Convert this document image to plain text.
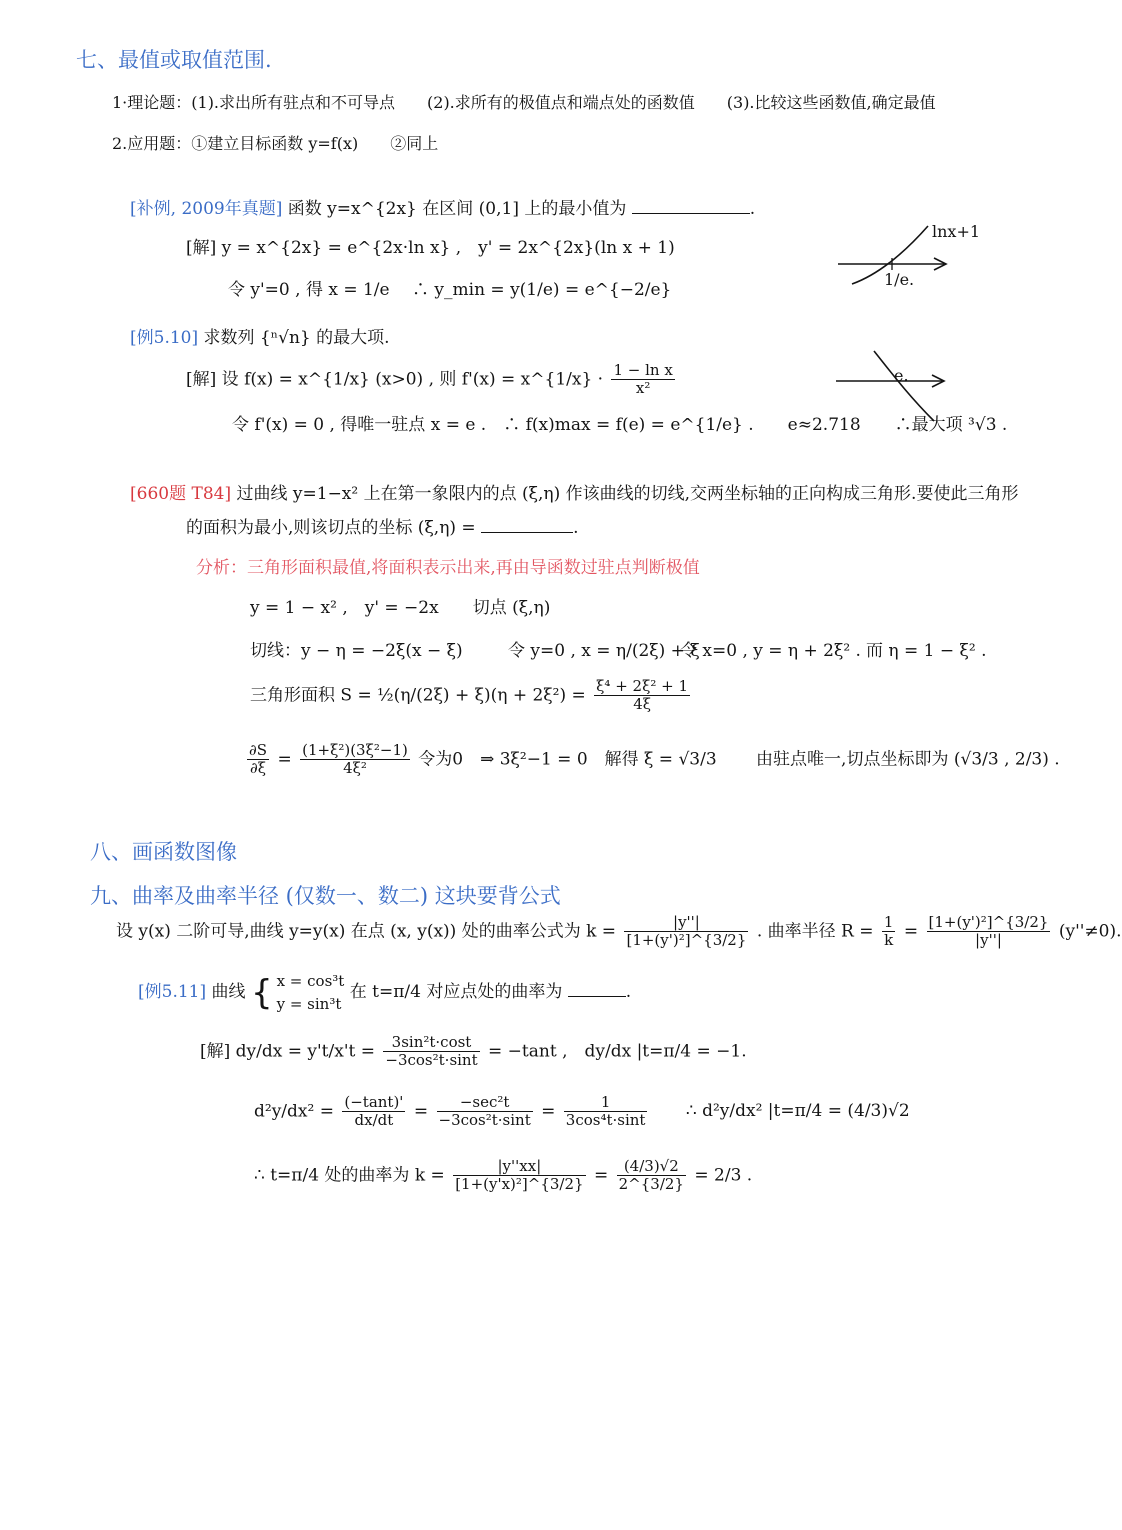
七、最值或取值范围.
1·理论题：(1).求出所有驻点和不可导点　　(2).求所有的极值点和端点处的函数值　　(3).比较这些函数值,确定最值
2.应用题：①建立目标函数 y=f(x)　　②同上
[补例, 2009年真题] 函数 y=x^{2x} 在区间 (0,1] 上的最小值为	.
[解] y = x^{2x} = e^{2x·ln x} ,　y' = 2x^{2x}(ln x + 1)
令 y'=0 , 得 x = 1/e 　∴ y_min = y(1/e) = e^{−2/e}
lnx+1
1/e.
[例5.10] 求数列 {ⁿ√n} 的最大项.
[解] 设 f(x) = x^{1/x} (x>0) , 则 f'(x) = x^{1/x} · $\frac{\text{1 − ln x}}{\text{x²}}$
令 f'(x) = 0 , 得唯一驻点 x = e .　∴ f(x)max = f(e) = e^{1/e} .　　e≈2.718　　∴最大项 ³√3 .
e.
[660题 T84] 过曲线 y=1−x² 上在第一象限内的点 (ξ,η) 作该曲线的切线,交两坐标轴的正向构成三角形.要使此三角形
的面积为最小,则该切点的坐标 (ξ,η) =	.
分析：三角形面积最值,将面积表示出来,再由导函数过驻点判断极值
y = 1 − x² ,　y' = −2x　　切点 (ξ,η)
切线：y − η = −2ξ(x − ξ)	令 y=0 , x = η/(2ξ) + ξ
令 x=0 , y = η + 2ξ² . 而 η = 1 − ξ² .
三角形面积 S = ½(η/(2ξ) + $\xi)(\eta + 2\xi^2) = \frac{\text{ξ⁴ + 2ξ² + 1}}{4\xi}$
$\frac{\partial S}{\partial\xi} = \frac{\text{(1+ξ²)(3ξ²−1)}}{\text{4ξ²}}$ 令为0　⇒ 3ξ²−1 = 0　解得 ξ = √3/3 　　由驻点唯一,切点坐标即为 (√3/3 , 2/3) .
八、画函数图像
九、曲率及曲率半径 (仅数一、数二) 这块要背公式
设 y(x) 二阶可导,曲线 y=y(x) 在点 (x, y(x)) 处的曲率公式为 $k = \frac{|y''|}{\text{[1+(y')²]\textasciicircum{}\{3/2\}}}$ . 曲率半径 $R = \frac{1}{k} = \frac{\text{[1+(y')²]\textasciicircum{}\{3/2\}}}{|y''|} (y''\ne 0)$.
[例5.11] 曲线 { x = cos³t
y = sin³t
在 t=π/4 对应点处的曲率为	.
[解] $dy/dx = y't/x't = \frac{\text{3sin²t·cost}}{\text{−3cos²t·sint}} = -\tan t$ ,　dy/dx |t=π/4 = −1.
$d^2y/dx^2 = \frac{(-\tan t)'}{dx/dt} = \frac{\text{−sec²t}}{\text{−3cos²t·sint}} = \frac{1}{\text{3cos⁴t·sint}}$ ∴ d²y/dx² |t=π/4 = (4/3)√2
∴ t=π/4 处的曲率为 $k = \frac{|y''xx|}{\text{[1+(y'x)²]\textasciicircum{}\{3/2\}}} = \frac{(4/3)√2}{2\^{}\{3/2\}} = 2/3$ .
